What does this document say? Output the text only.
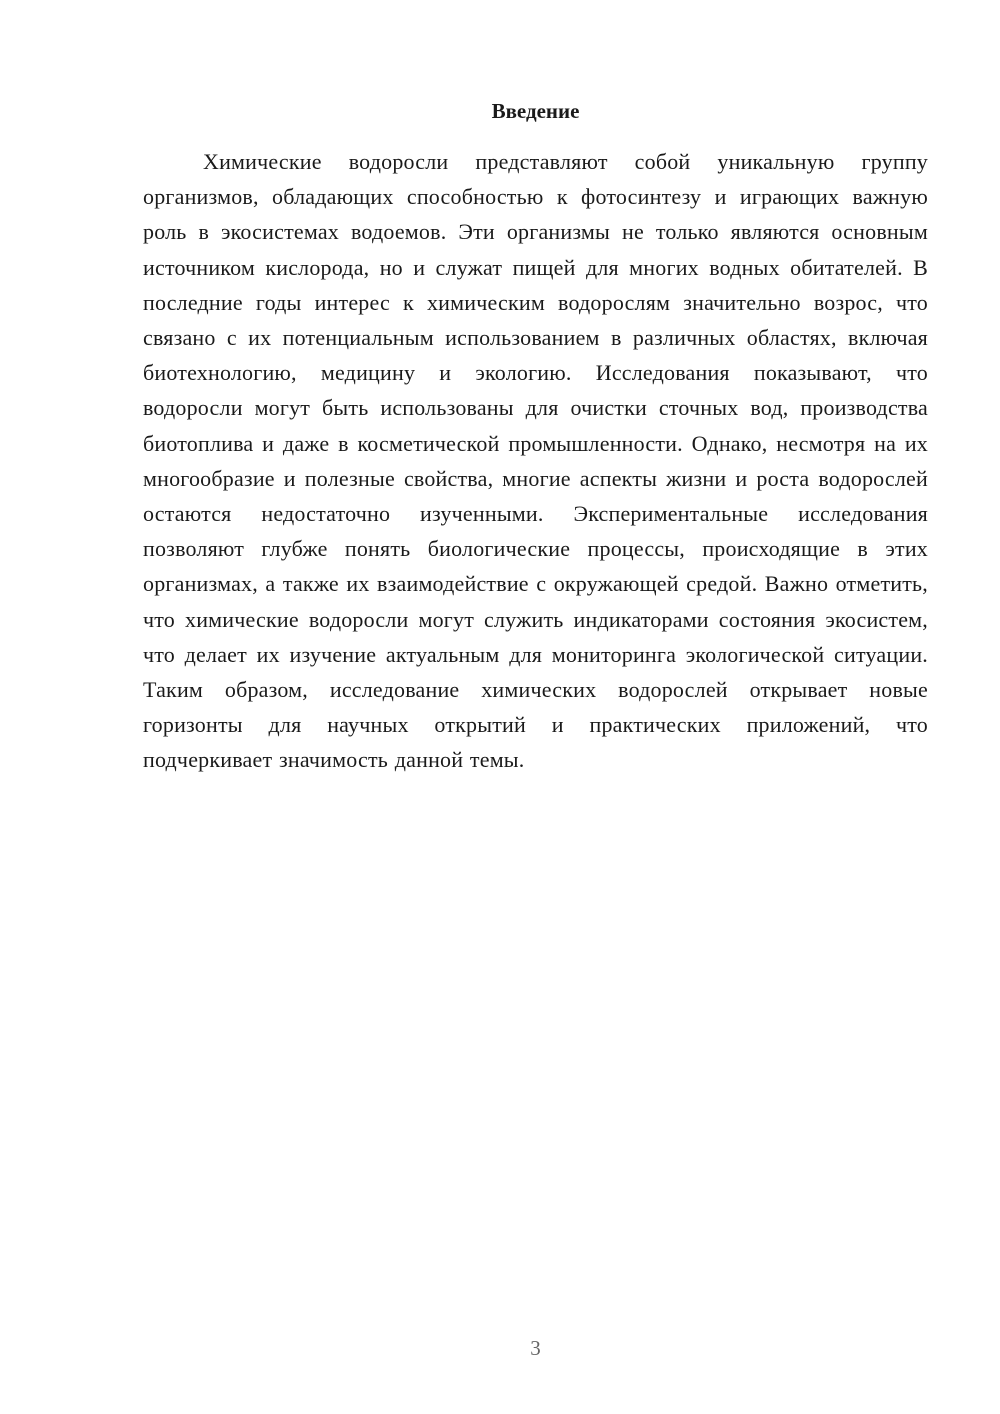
Введение

Химические водоросли представляют собой уникальную группу организмов, обладающих способностью к фотосинтезу и играющих важную роль в экосистемах водоемов. Эти организмы не только являются основным источником кислорода, но и служат пищей для многих водных обитателей. В последние годы интерес к химическим водорослям значительно возрос, что связано с их потенциальным использованием в различных областях, включая биотехнологию, медицину и экологию. Исследования показывают, что водоросли могут быть использованы для очистки сточных вод, производства биотоплива и даже в косметической промышленности. Однако, несмотря на их многообразие и полезные свойства, многие аспекты жизни и роста водорослей остаются недостаточно изученными. Экспериментальные исследования позволяют глубже понять биологические процессы, происходящие в этих организмах, а также их взаимодействие с окружающей средой. Важно отметить, что химические водоросли могут служить индикаторами состояния экосистем, что делает их изучение актуальным для мониторинга экологической ситуации. Таким образом, исследование химических водорослей открывает новые горизонты для научных открытий и практических приложений, что подчеркивает значимость данной темы.

3
